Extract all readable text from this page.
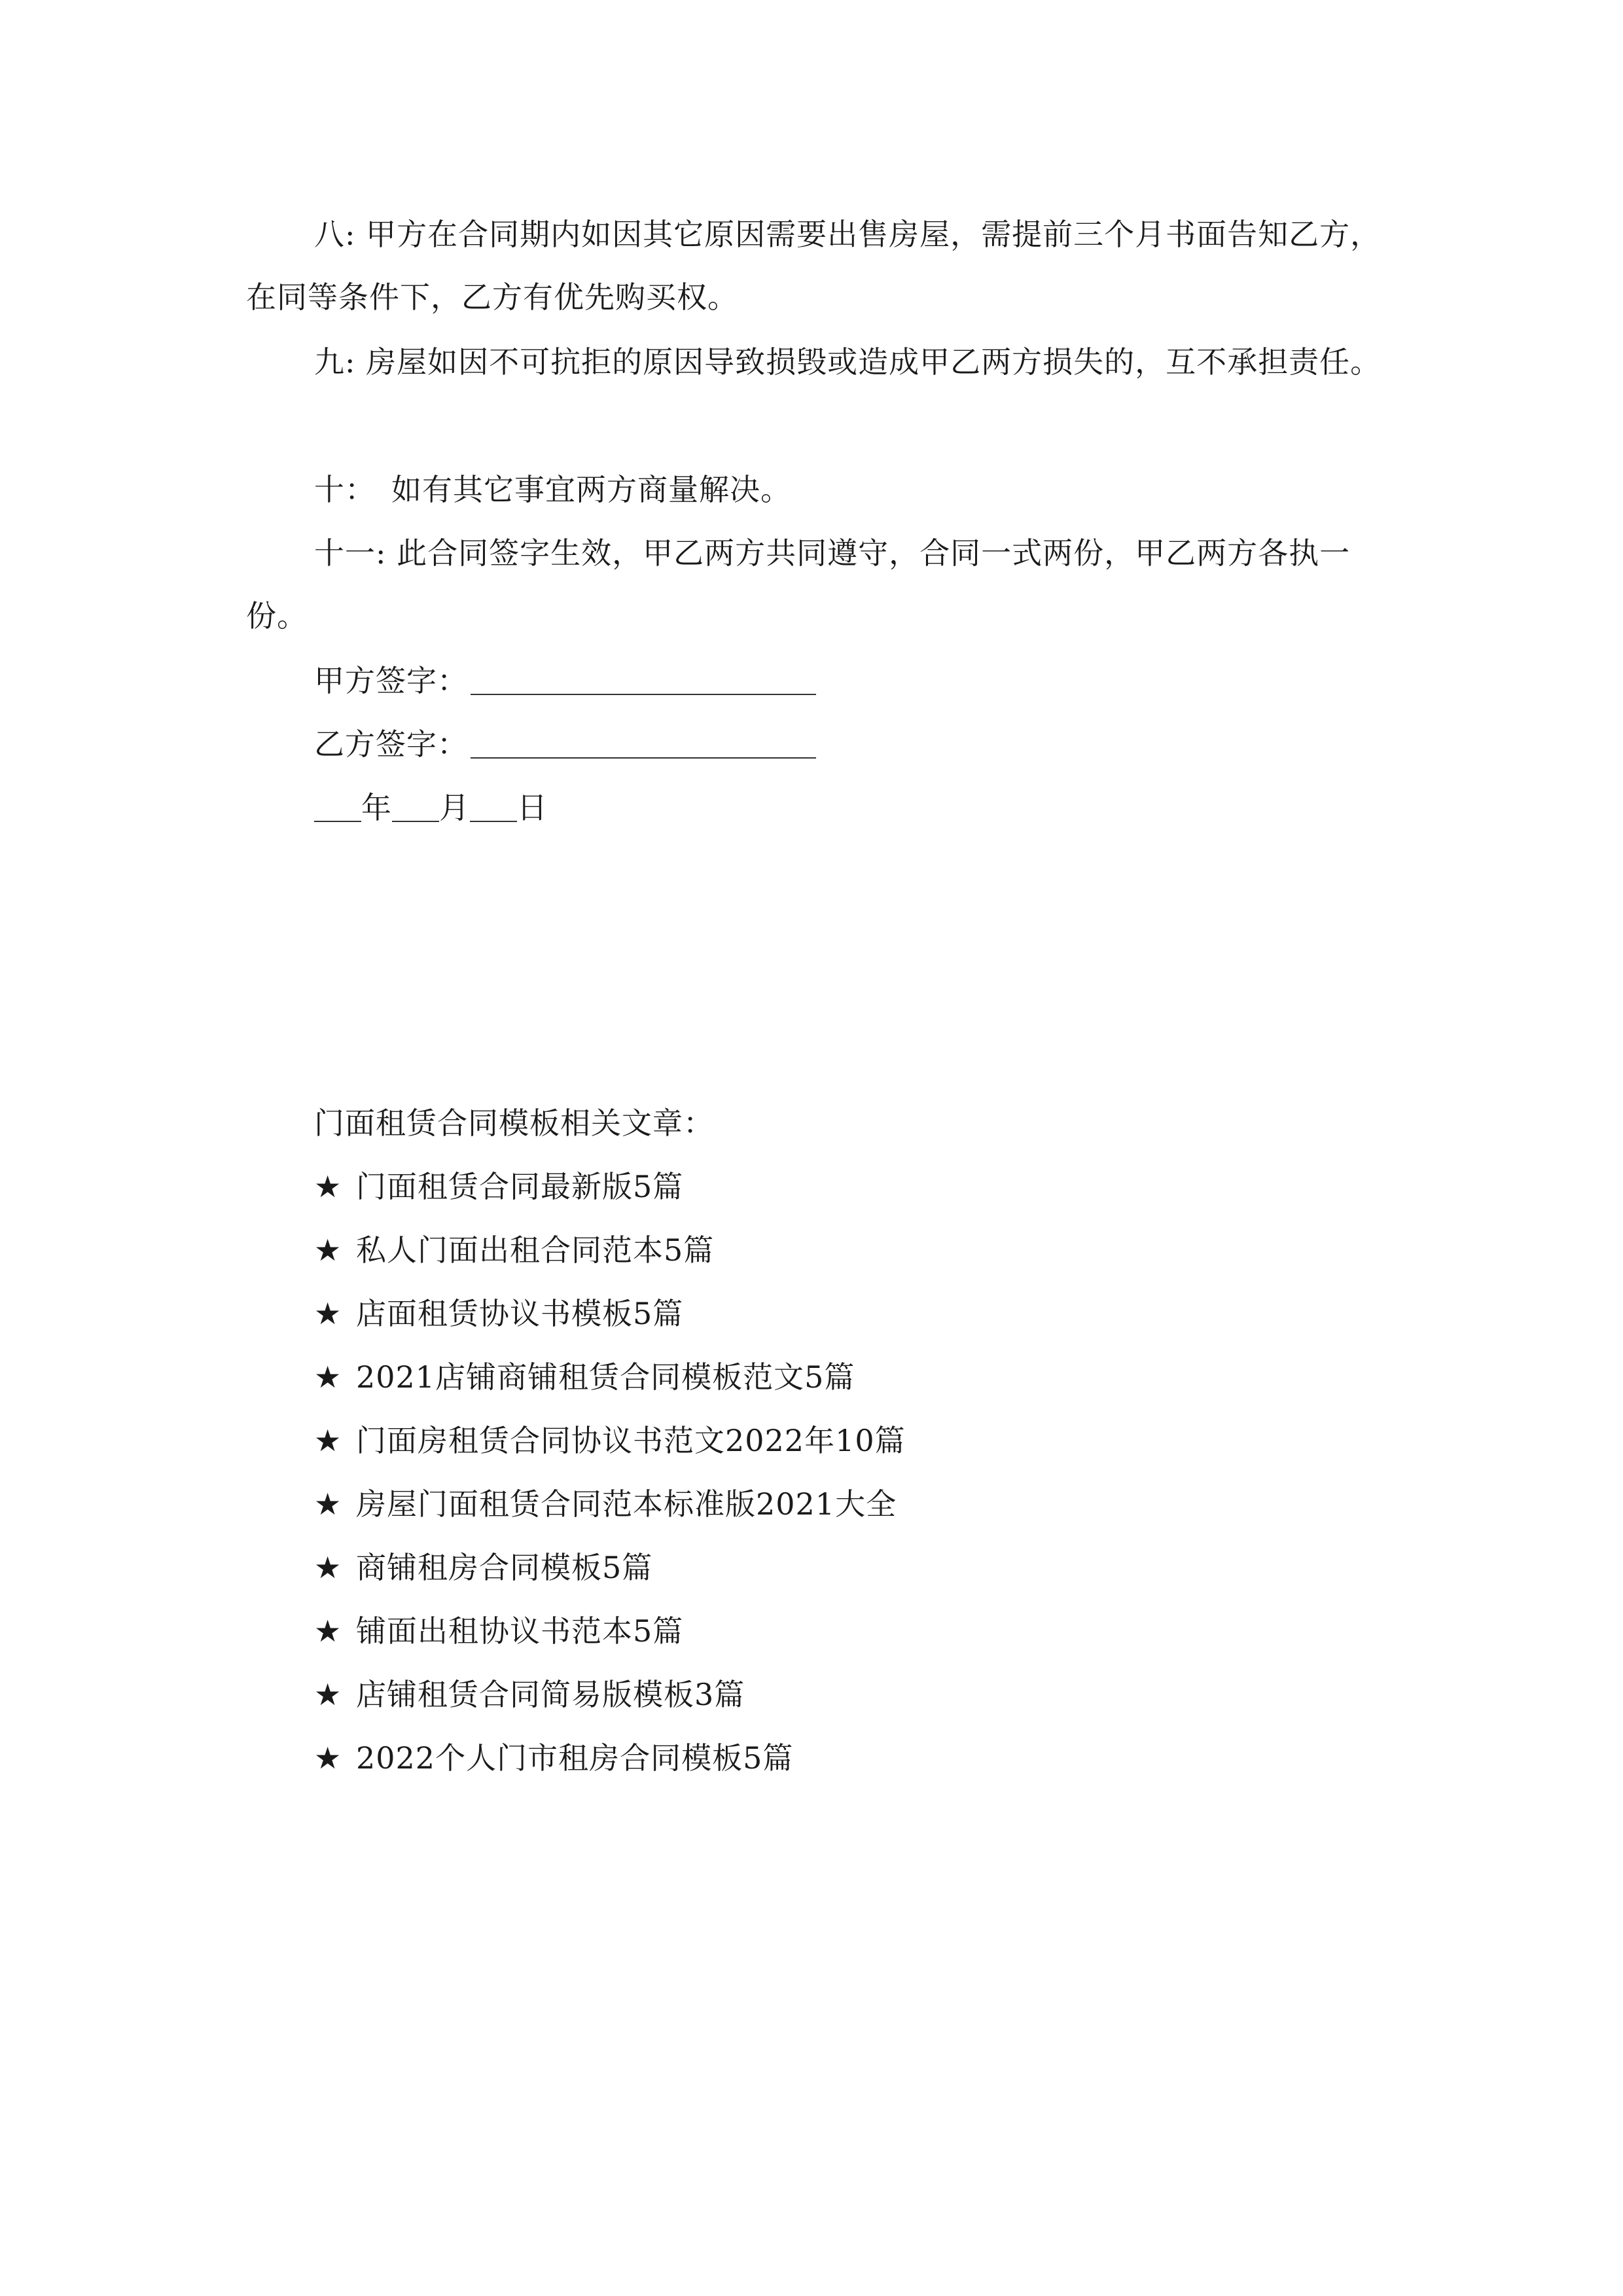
八: 甲方在合同期内如因其它原因需要出售房屋，需提前三个月书面告知乙方，在同等条件下，乙方有优先购买权。

九: 房屋如因不可抗拒的原因导致损毁或造成甲乙两方损失的，互不承担责任。

十：　如有其它事宜两方商量解决。

十一: 此合同签字生效，甲乙两方共同遵守，合同一式两份，甲乙两方各执一份。

甲方签字：
乙方签字：
年 月 日
门面租赁合同模板相关文章：
★ 门面租赁合同最新版5篇
★ 私人门面出租合同范本5篇
★ 店面租赁协议书模板5篇
★ 2021店铺商铺租赁合同模板范文5篇
★ 门面房租赁合同协议书范文2022年10篇
★ 房屋门面租赁合同范本标准版2021大全
★ 商铺租房合同模板5篇
★ 铺面出租协议书范本5篇
★ 店铺租赁合同简易版模板3篇
★ 2022个人门市租房合同模板5篇
